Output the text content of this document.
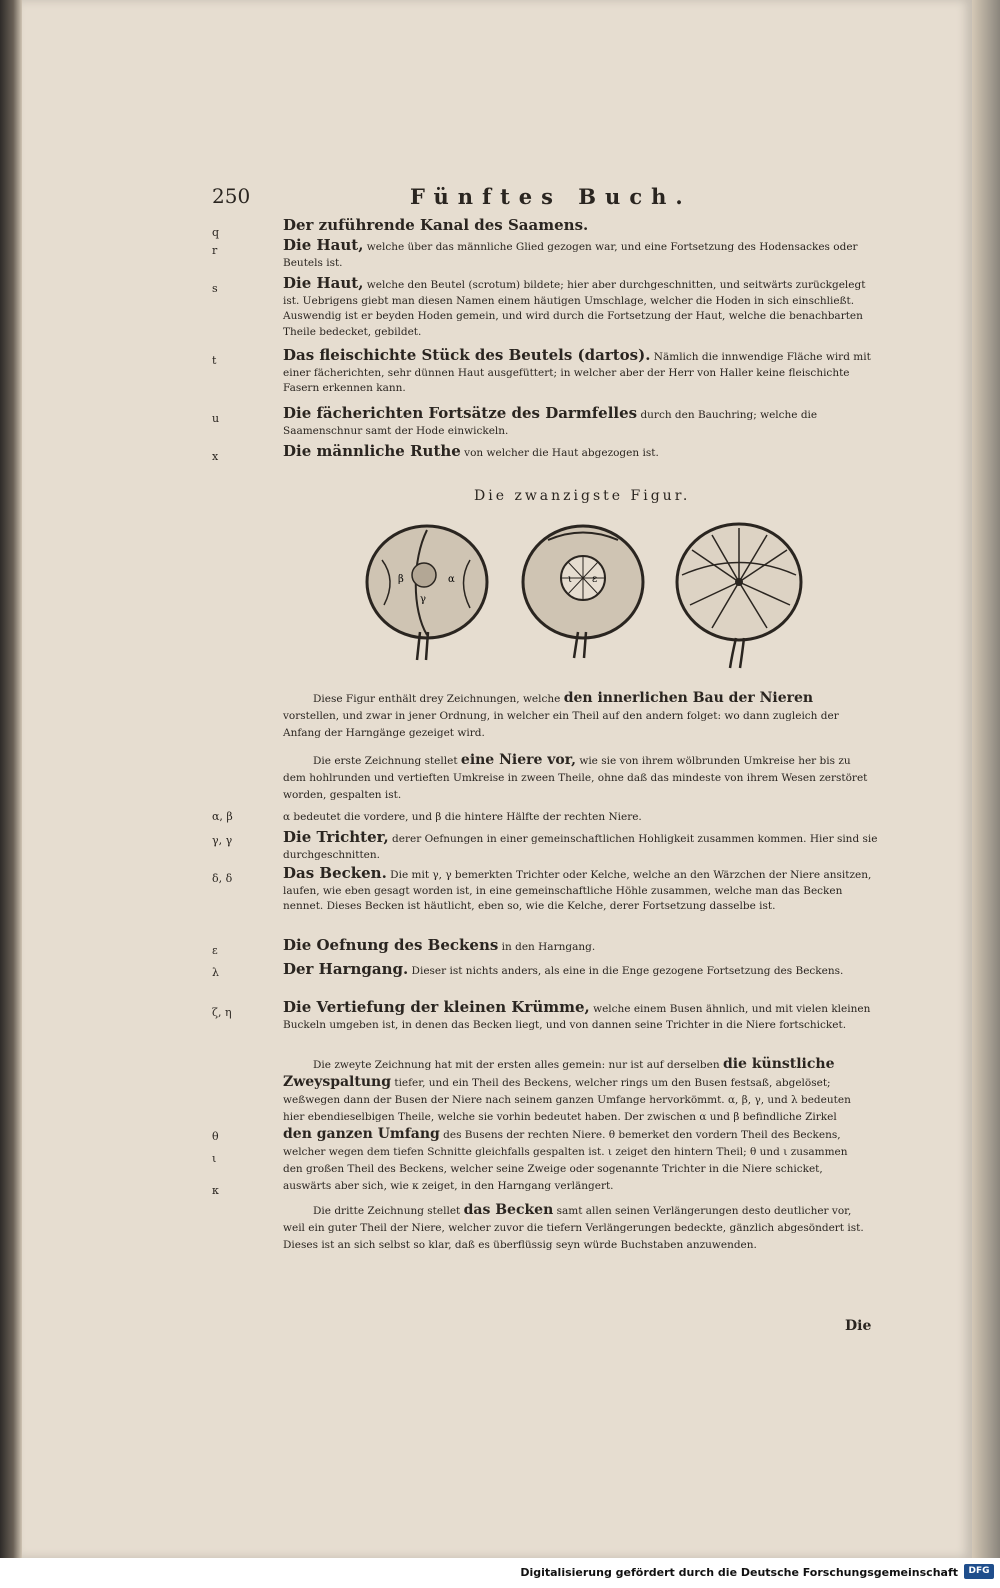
250	Fünftes Buch.
q	Der zuführende Kanal des Saamens.
r	Die Haut, welche über das männliche Glied gezogen war, und eine Fortsetzung des Hodensackes oder Beutels ist.
s	Die Haut, welche den Beutel (scrotum) bildete; hier aber durchgeschnitten, und seitwärts zurückgelegt ist. Uebrigens giebt man diesen Namen einem häutigen Umschlage, welcher die Hoden in sich einschließt. Auswendig ist er beyden Hoden gemein, und wird durch die Fortsetzung der Haut, welche die benachbarten Theile bedecket, gebildet.
t	Das fleischichte Stück des Beutels (dartos). Nämlich die innwendige Fläche wird mit einer fächerichten, sehr dünnen Haut ausgefüttert; in welcher aber der Herr von Haller keine fleischichte Fasern erkennen kann.
u	Die fächerichten Fortsätze des Darmfelles durch den Bauchring; welche die Saamenschnur samt der Hode einwickeln.
x	Die männliche Ruthe von welcher die Haut abgezogen ist.
Die zwanzigste Figur.
β	α
γ
ι ε
Diese Figur enthält drey Zeichnungen, welche den innerlichen Bau der Nieren vorstellen, und zwar in jener Ordnung, in welcher ein Theil auf den andern folget: wo dann zugleich der Anfang der Harngänge gezeiget wird.
Die erste Zeichnung stellet eine Niere vor, wie sie von ihrem wölbrunden Umkreise her bis zu dem hohlrunden und vertieften Umkreise in zween Theile, ohne daß das mindeste von ihrem Wesen zerstöret worden, gespalten ist.
α, β	α bedeutet die vordere, und β die hintere Hälfte der rechten Niere.
γ, γ	Die Trichter, derer Oefnungen in einer gemeinschaftlichen Hohligkeit zusammen kommen. Hier sind sie durchgeschnitten.
δ, δ	Das Becken. Die mit γ, γ bemerkten Trichter oder Kelche, welche an den Wärzchen der Niere ansitzen, laufen, wie eben gesagt worden ist, in eine gemeinschaftliche Höhle zusammen, welche man das Becken nennet. Dieses Becken ist häutlicht, eben so, wie die Kelche, derer Fortsetzung dasselbe ist.
ε	Die Oefnung des Beckens in den Harngang.
λ	Der Harngang. Dieser ist nichts anders, als eine in die Enge gezogene Fortsetzung des Beckens.
ζ, η	Die Vertiefung der kleinen Krümme, welche einem Busen ähnlich, und mit vielen kleinen Buckeln umgeben ist, in denen das Becken liegt, und von dannen seine Trichter in die Niere fortschicket.
Die zweyte Zeichnung hat mit der ersten alles gemein: nur ist auf derselben die künstliche Zweyspaltung tiefer, und ein Theil des Beckens, welcher rings um den Busen festsaß, abgelöset; weßwegen dann der Busen der Niere nach seinem ganzen Umfange hervorkömmt. α, β, γ, und λ bedeuten hier ebendieselbigen Theile, welche sie vorhin bedeutet haben. Der zwischen α und β befindliche Zirkel den ganzen Umfang des Busens der rechten Niere. θ bemerket den vordern Theil des Beckens, welcher wegen dem tiefen Schnitte gleichfalls gespalten ist. ι zeiget den hintern Theil; θ und ι zusammen den großen Theil des Beckens, welcher seine Zweige oder sogenannte Trichter in die Niere schicket, auswärts aber sich, wie κ zeiget, in den Harngang verlängert.
θ
ι
κ
Die dritte Zeichnung stellet das Becken samt allen seinen Verlängerungen desto deutlicher vor, weil ein guter Theil der Niere, welcher zuvor die tiefern Verlängerungen bedeckte, gänzlich abgesöndert ist. Dieses ist an sich selbst so klar, daß es überflüssig seyn würde Buchstaben anzuwenden.
Die
Digitalisierung gefördert durch die Deutsche Forschungsgemeinschaft	DFG
